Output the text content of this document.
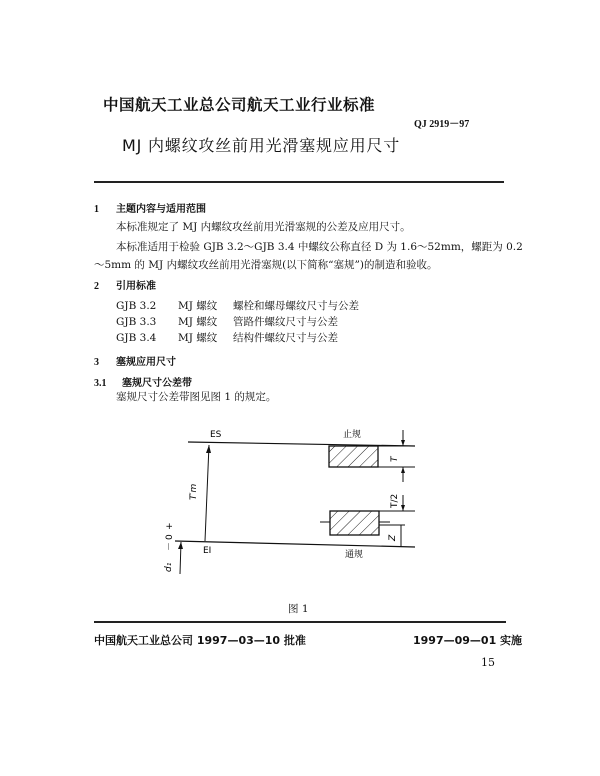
中国航天工业总公司航天工业行业标准
QJ 2919－97
MJ 内螺纹攻丝前用光滑塞规应用尺寸
1 主题内容与适用范围
本标准规定了 MJ 内螺纹攻丝前用光滑塞规的公差及应用尺寸。
本标准适用于检验 GJB 3.2～GJB 3.4 中螺纹公称直径 D 为 1.6～52mm，螺距为 0.2
～5mm 的 MJ 内螺纹攻丝前用光滑塞规(以下简称“塞规”)的制造和验收。
2 引用标准
GJB 3.2 MJ 螺纹 螺栓和螺母螺纹尺寸与公差
GJB 3.3 MJ 螺纹 管路件螺纹尺寸与公差
GJB 3.4 MJ 螺纹 结构件螺纹尺寸与公差
3 塞规应用尺寸
3.1 塞规尺寸公差带
塞规尺寸公差带图见图 1 的规定。
ES
EI
止规
通规
T′m
T
T/2
Z
+
0
－
d₁
图 1
中国航天工业总公司 1997—03—10 批准	1997—09—01 实施
15
